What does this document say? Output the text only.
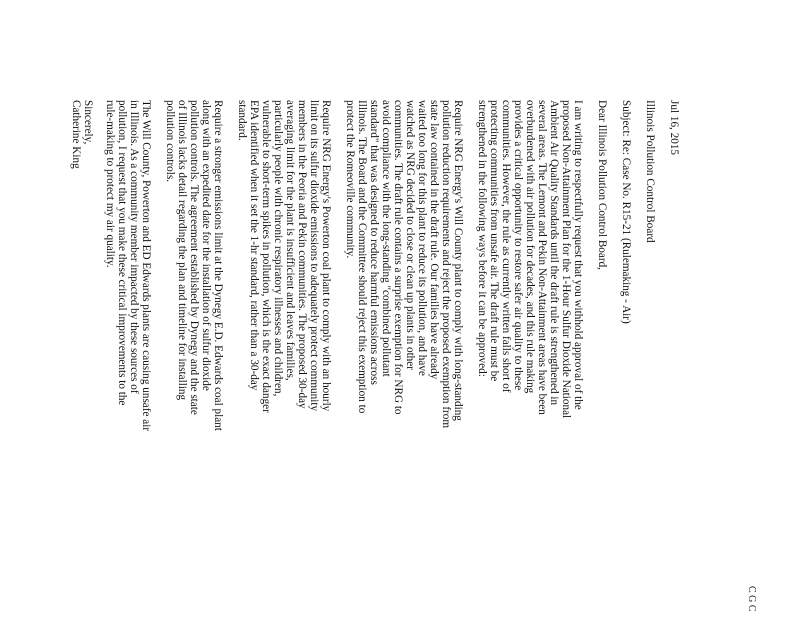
C G C

Jul 16, 2015

Illinois Pollution Control Board

Subject: Re: Case No. R15-21 (Rulemaking - Air)

Dear Illinois Pollution Control Board,

I am writing to respectfully request that you withhold approval of the
proposed Non-Attainment Plan for the 1-Hour Sulfur Dioxide National
Ambient Air Quality Standards until the draft rule is strengthened in
several areas. The Lemont and Pekin Non-Attainment areas have been
overburdened with air pollution for decades, and this rule making
provides a critical opportunity to restore safer air quality to these
communities. However, the rule as currently written falls short of
protecting communities from unsafe air. The draft rule must be
strengthened in the following ways before it can be approved:
Require NRG Energy's Will County plant to comply with long-standing
pollution reduction requirements and reject the proposed exemption from
state law contained in the draft rule. Our families have already
waited too long for this plant to reduce its pollution, and have
watched as NRG decided to close or clean up plants in other
communities. The draft rule contains a surprise exemption for NRG to
avoid compliance with the long-standing "combined pollutant
standard" that was designed to reduce harmful emissions across
Illinois. The Board and the Committee should reject this exemption to
protect the Romeoville community.
Require NRG Energy's Powerton coal plant to comply with an hourly
limit on its sulfur dioxide emissions to adequately protect community
members in the Peoria and Pekin communities. The proposed 30-day
averaging limit for the plant is insufficient and leaves families,
particularly people with chronic respiratory illnesses and children,
vulnerable to short-term spikes in pollution, which is the exact danger
EPA identified when it set the 1-hr standard, rather than a 30-day
standard.
Require a stronger emissions limit at the Dynegy E.D. Edwards coal plant
along with an expedited date for the installation of sulfur dioxide
pollution controls. The agreement established by Dynegy and the state
of Illinois lacks detail regarding the plan and timeline for installing
pollution controls.
The Will County, Powerton and ED Edwards plants are causing unsafe air
in Illinois. As a community member impacted by these sources of
pollution, I request that you make these critical improvements to the
rule-making to protect my air quality.

Sincerely,

Catherine King
